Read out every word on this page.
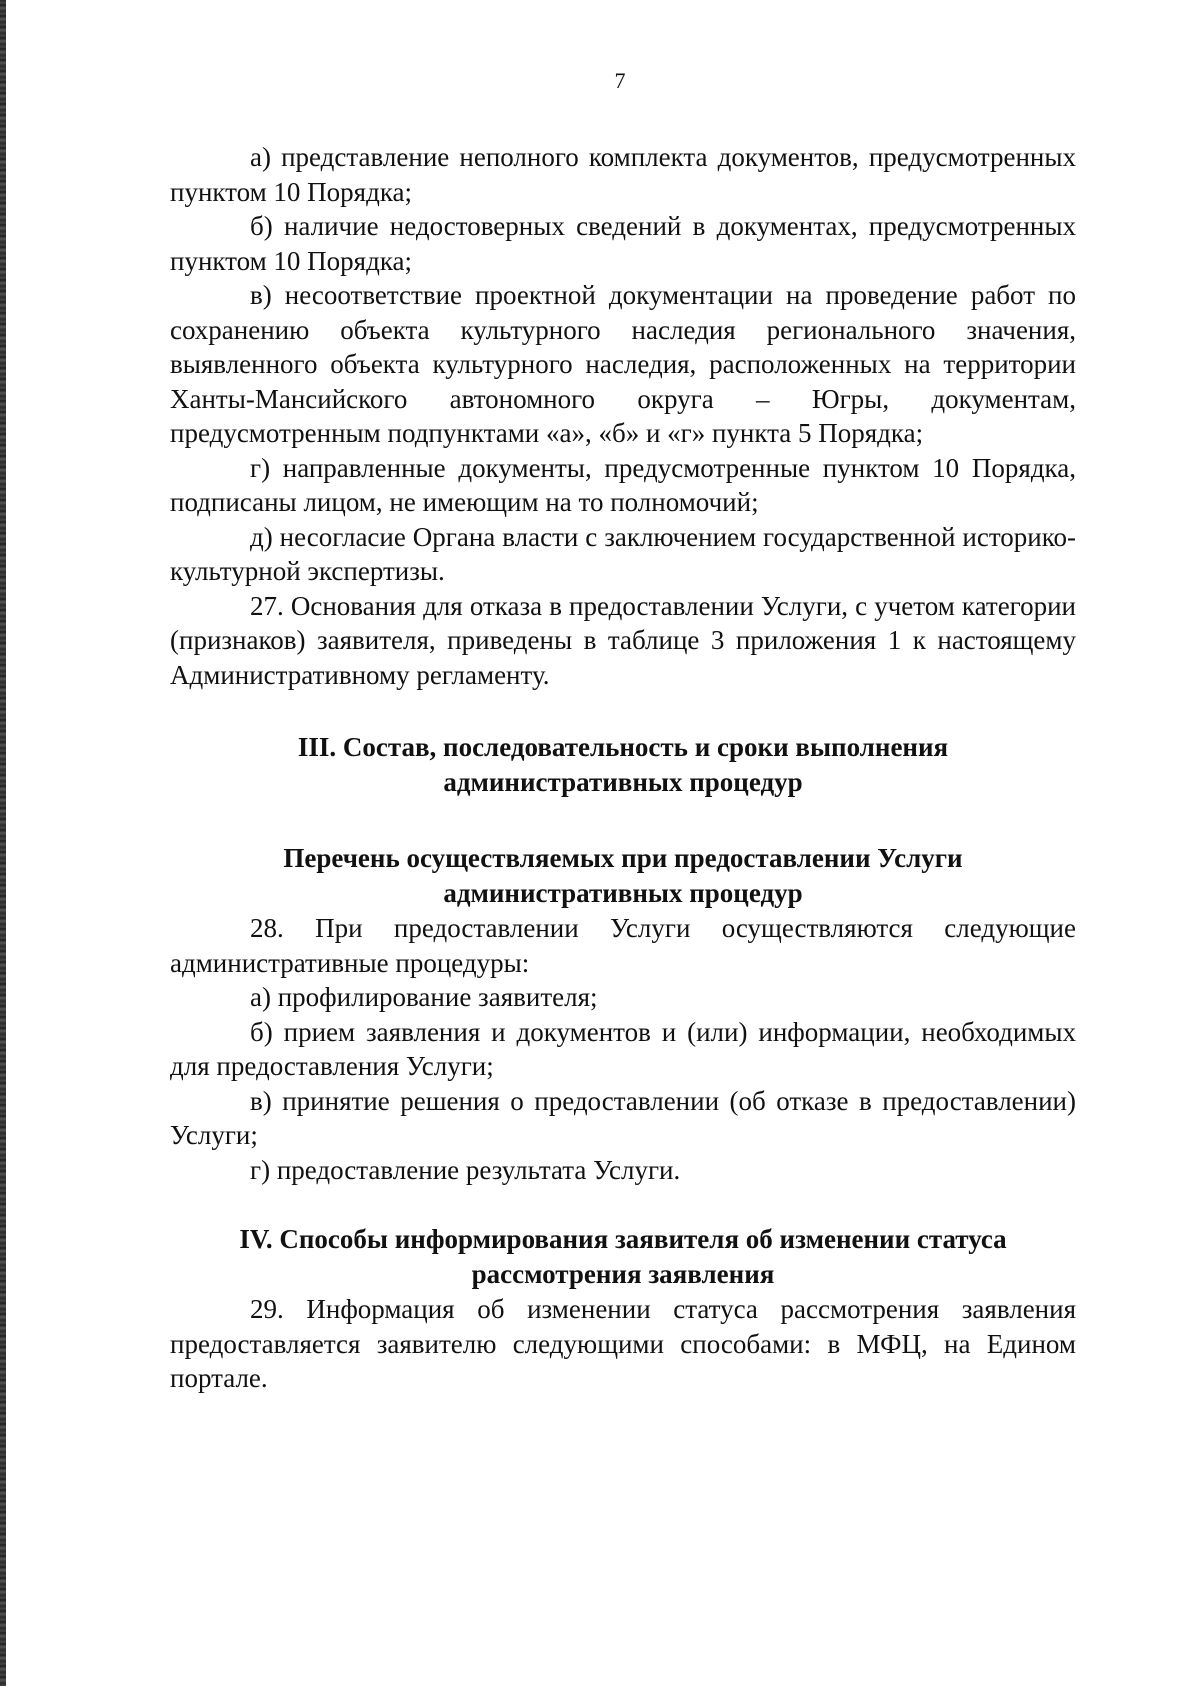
7

а) представление неполного комплекта документов, предусмотренных пунктом 10 Порядка;

б) наличие недостоверных сведений в документах, предусмотренных пунктом 10 Порядка;

в) несоответствие проектной документации на проведение работ по сохранению объекта культурного наследия регионального значения, выявленного объекта культурного наследия, расположенных на территории Ханты-Мансийского автономного округа – Югры, документам, предусмотренным подпунктами «а», «б» и «г» пункта 5 Порядка;

г) направленные документы, предусмотренные пунктом 10 Порядка, подписаны лицом, не имеющим на то полномочий;

д) несогласие Органа власти с заключением государственной историко-культурной экспертизы.

27. Основания для отказа в предоставлении Услуги, с учетом категории (признаков) заявителя, приведены в таблице 3 приложения 1 к настоящему Административному регламенту.

III. Состав, последовательность и сроки выполнения
административных процедур
Перечень осуществляемых при предоставлении Услуги
административных процедур

28. При предоставлении Услуги осуществляются следующие административные процедуры:

а) профилирование заявителя;

б) прием заявления и документов и (или) информации, необходимых для предоставления Услуги;

в) принятие решения о предоставлении (об отказе в предоставлении) Услуги;

г) предоставление результата Услуги.

IV. Способы информирования заявителя об изменении статуса
рассмотрения заявления

29. Информация об изменении статуса рассмотрения заявления предоставляется заявителю следующими способами: в МФЦ, на Едином портале.
